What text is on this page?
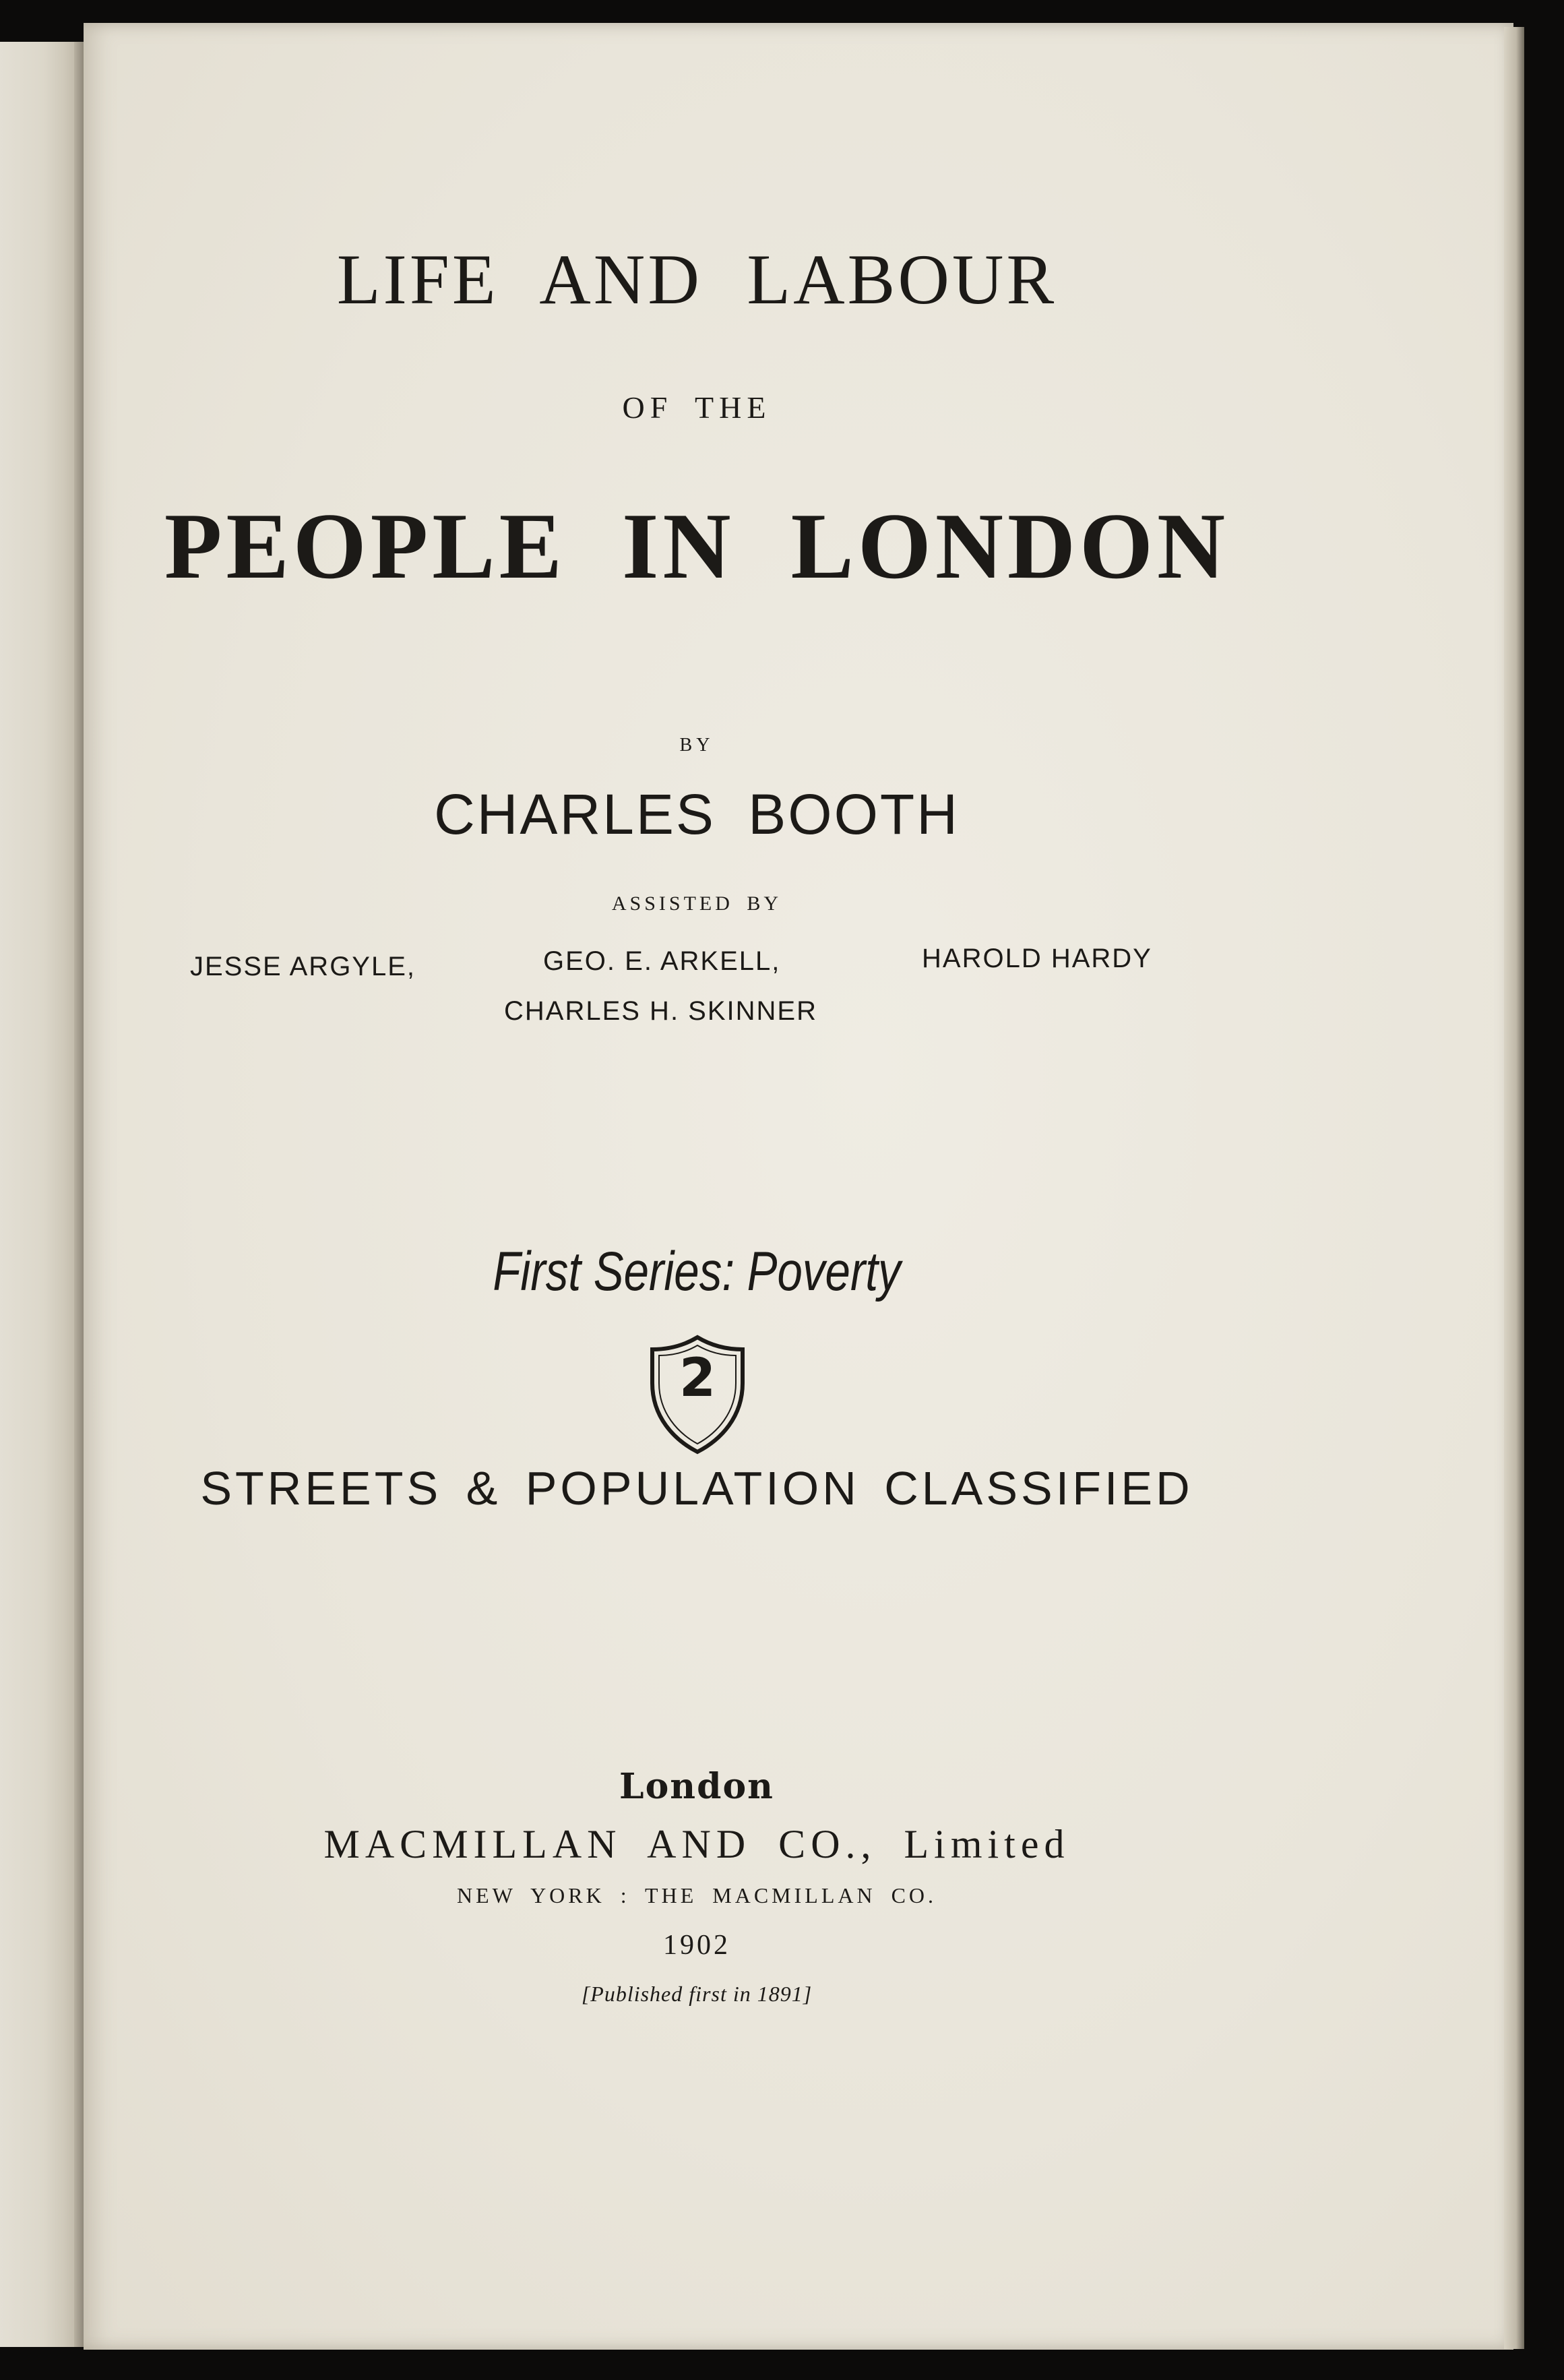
LIFE AND LABOUR

OF THE

PEOPLE IN LONDON

BY

CHARLES BOOTH

ASSISTED BY

JESSE ARGYLE,	GEO. E. ARKELL,	HAROLD HARDY

CHARLES H. SKINNER

First Series: Poverty

2

STREETS & POPULATION CLASSIFIED

London

MACMILLAN AND CO., Limited

NEW YORK : THE MACMILLAN CO.

1902

[Published first in 1891]
